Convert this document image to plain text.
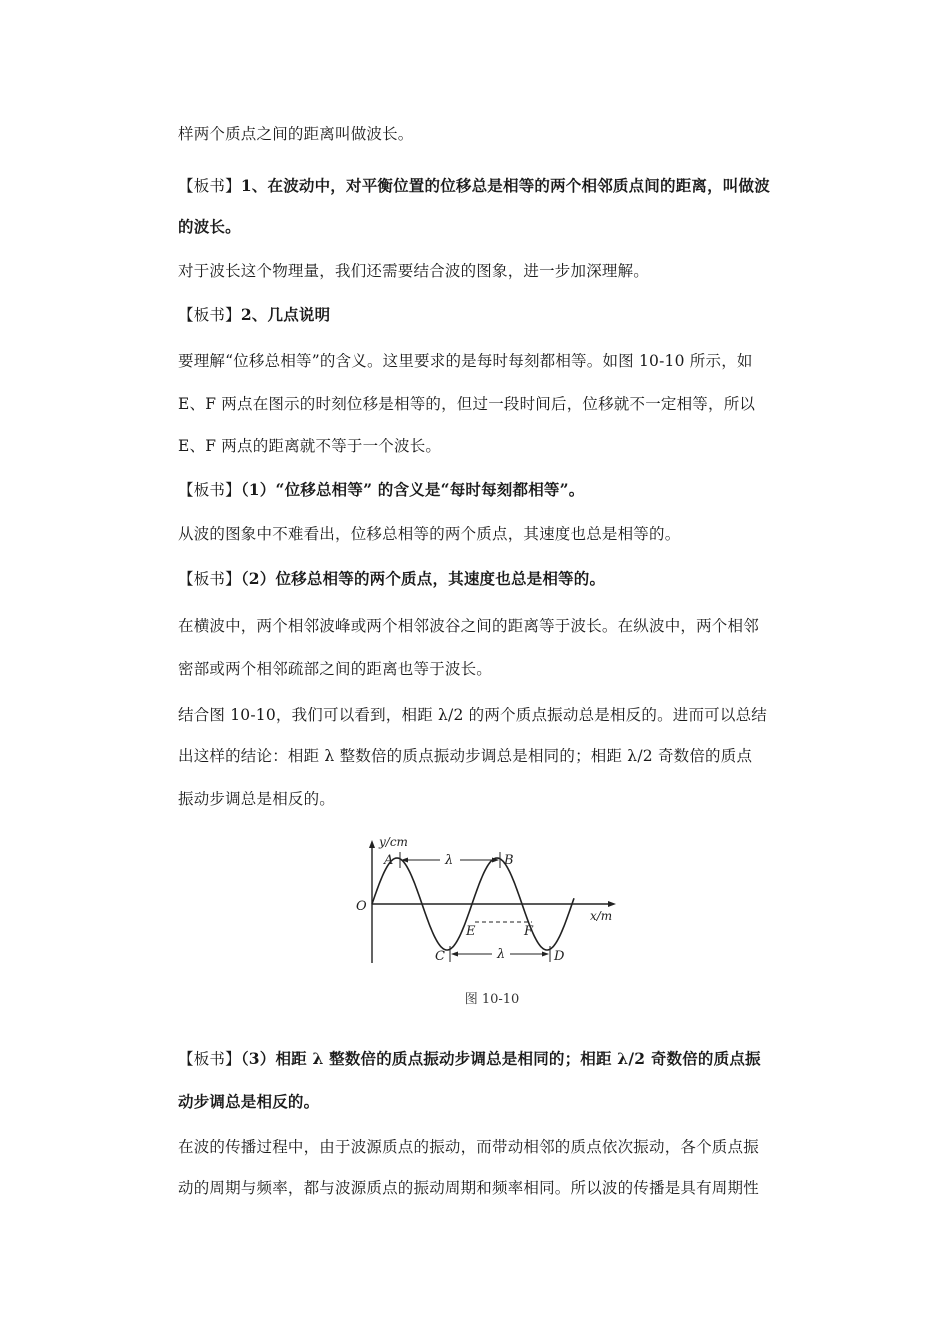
样两个质点之间的距离叫做波长。
【板书】1、在波动中，对平衡位置的位移总是相等的两个相邻质点间的距离，叫做波
的波长。
对于波长这个物理量，我们还需要结合波的图象，进一步加深理解。
【板书】2、几点说明
要理解“位移总相等”的含义。这里要求的是每时每刻都相等。如图 10-10 所示，如
E、F 两点在图示的时刻位移是相等的，但过一段时间后，位移就不一定相等，所以
E、F 两点的距离就不等于一个波长。
【板书】（1）“位移总相等” 的含义是“每时每刻都相等”。
从波的图象中不难看出，位移总相等的两个质点，其速度也总是相等的。
【板书】（2）位移总相等的两个质点，其速度也总是相等的。
在横波中，两个相邻波峰或两个相邻波谷之间的距离等于波长。在纵波中，两个相邻
密部或两个相邻疏部之间的距离也等于波长。
结合图 10-10，我们可以看到，相距 λ/2 的两个质点振动总是相反的。进而可以总结
出这样的结论：相距 λ 整数倍的质点振动步调总是相同的；相距 λ/2 奇数倍的质点
振动步调总是相反的。
y/cm
O
x/m
A	B
C	D
E	F
λ
λ
图 10-10
【板书】（3）相距 λ 整数倍的质点振动步调总是相同的；相距 λ/2 奇数倍的质点振
动步调总是相反的。
在波的传播过程中，由于波源质点的振动，而带动相邻的质点依次振动，各个质点振
动的周期与频率，都与波源质点的振动周期和频率相同。所以波的传播是具有周期性
